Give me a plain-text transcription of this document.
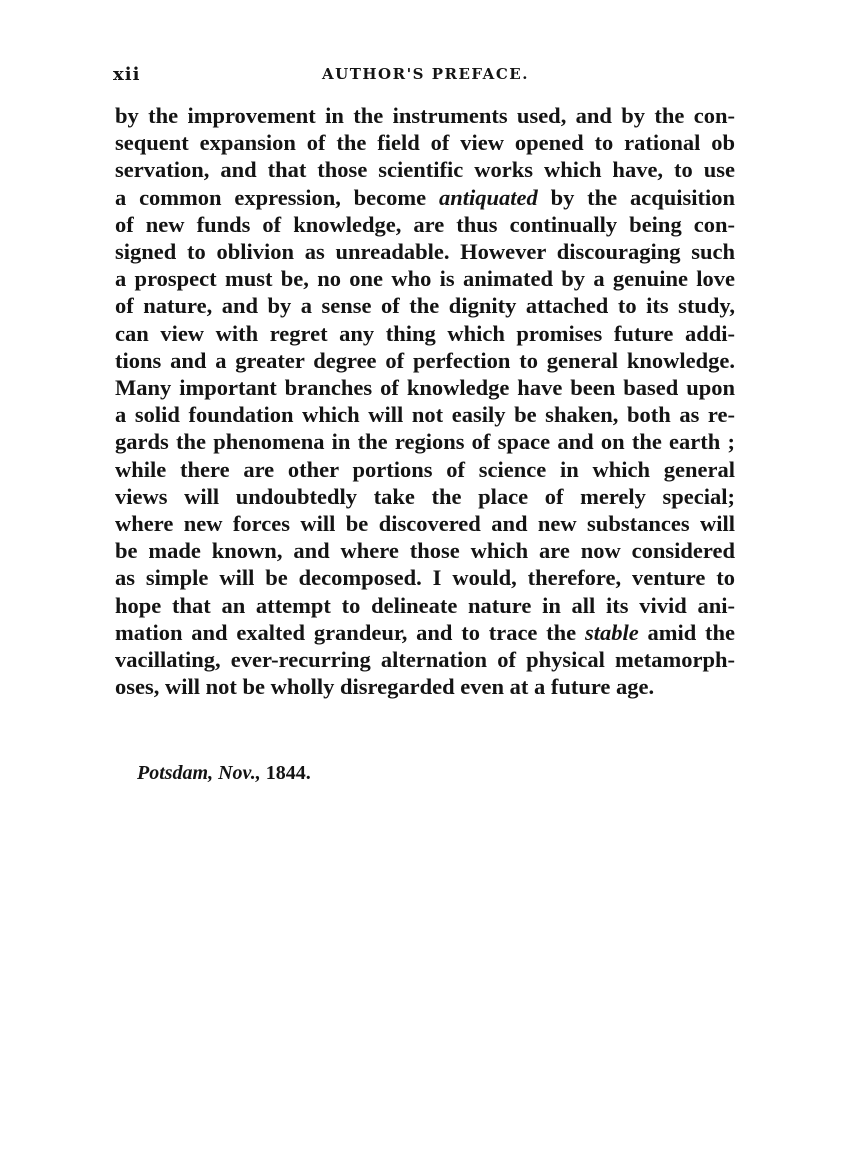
xii	AUTHOR'S PREFACE.
by the improvement in the instruments used, and by the con-
sequent expansion of the field of view opened to rational ob
servation, and that those scientific works which have, to use
a common expression, become antiquated by the acquisition
of new funds of knowledge, are thus continually being con-
signed to oblivion as unreadable. However discouraging such
a prospect must be, no one who is animated by a genuine love
of nature, and by a sense of the dignity attached to its study,
can view with regret any thing which promises future addi-
tions and a greater degree of perfection to general knowledge.
Many important branches of knowledge have been based upon
a solid foundation which will not easily be shaken, both as re-
gards the phenomena in the regions of space and on the earth ;
while there are other portions of science in which general
views will undoubtedly take the place of merely special;
where new forces will be discovered and new substances will
be made known, and where those which are now considered
as simple will be decomposed. I would, therefore, venture to
hope that an attempt to delineate nature in all its vivid ani-
mation and exalted grandeur, and to trace the stable amid the
vacillating, ever-recurring alternation of physical metamorph-
oses, will not be wholly disregarded even at a future age.
Potsdam, Nov., 1844.
